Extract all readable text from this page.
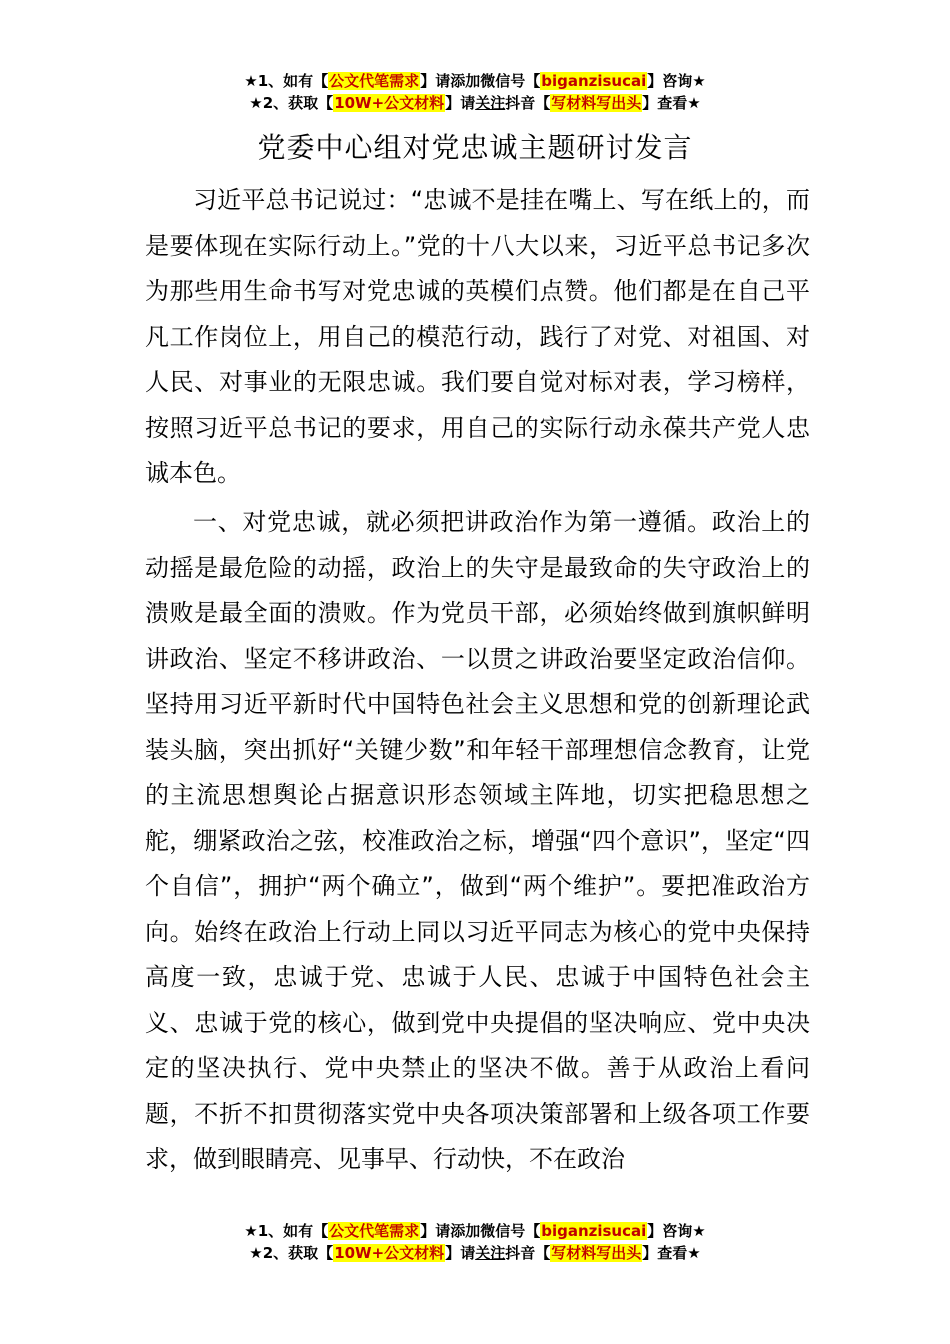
★1、如有【公文代笔需求】请添加微信号【biganzisucai】咨询★
★2、获取【10W+公文材料】请关注抖音【写材料写出头】查看★
党委中心组对党忠诚主题研讨发言

习近平总书记说过：“忠诚不是挂在嘴上、写在纸上的，而是要体现在实际行动上。”党的十八大以来，习近平总书记多次为那些用生命书写对党忠诚的英模们点赞。他们都是在自己平凡工作岗位上，用自己的模范行动，践行了对党、对祖国、对人民、对事业的无限忠诚。我们要自觉对标对表，学习榜样，按照习近平总书记的要求，用自己的实际行动永葆共产党人忠诚本色。

一、对党忠诚，就必须把讲政治作为第一遵循。政治上的动摇是最危险的动摇，政治上的失守是最致命的失守政治上的溃败是最全面的溃败。作为党员干部，必须始终做到旗帜鲜明讲政治、坚定不移讲政治、一以贯之讲政治要坚定政治信仰。坚持用习近平新时代中国特色社会主义思想和党的创新理论武装头脑，突出抓好“关键少数”和年轻干部理想信念教育，让党的主流思想舆论占据意识形态领域主阵地，切实把稳思想之舵，绷紧政治之弦，校准政治之标，增强“四个意识”，坚定“四个自信”，拥护“两个确立”，做到“两个维护”。要把准政治方向。始终在政治上行动上同以习近平同志为核心的党中央保持高度一致，忠诚于党、忠诚于人民、忠诚于中国特色社会主义、忠诚于党的核心，做到党中央提倡的坚决响应、党中央决定的坚决执行、党中央禁止的坚决不做。善于从政治上看问题，不折不扣贯彻落实党中央各项决策部署和上级各项工作要求，做到眼睛亮、见事早、行动快，不在政治

★1、如有【公文代笔需求】请添加微信号【biganzisucai】咨询★
★2、获取【10W+公文材料】请关注抖音【写材料写出头】查看★
